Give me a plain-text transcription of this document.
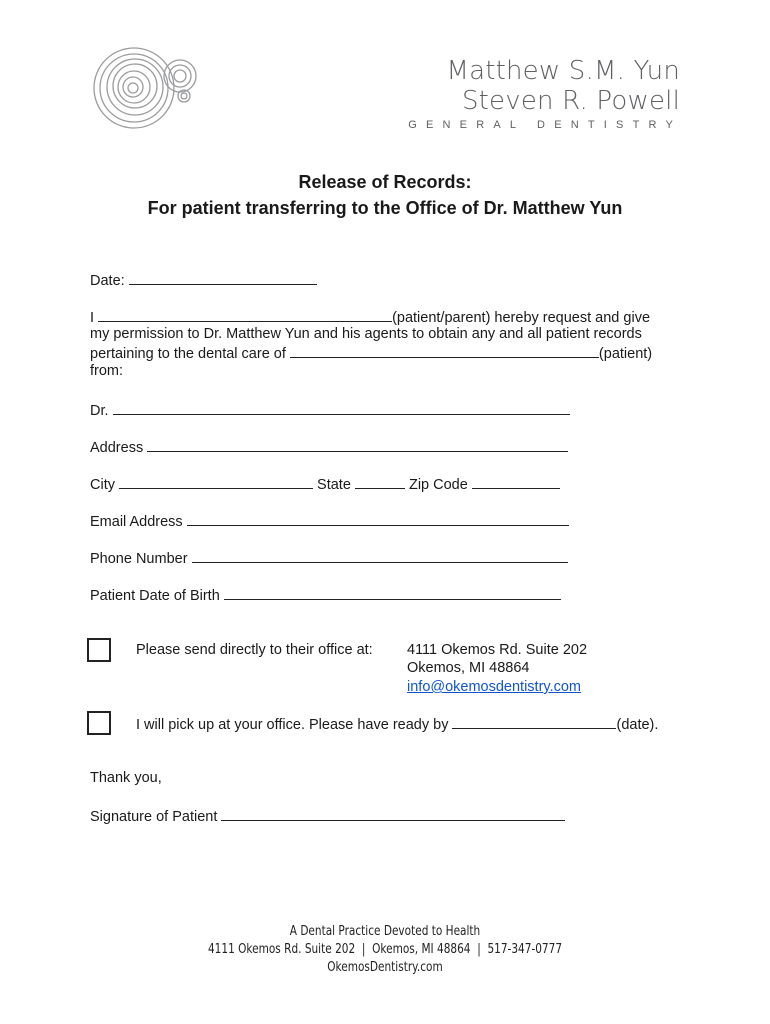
Matthew S.M. Yun
Steven R. Powell
GENERAL DENTISTRY
Release of Records:
For patient transferring to the Office of Dr. Matthew Yun
Date:
I	(patient/parent) hereby request and give
my permission to Dr. Matthew Yun and his agents to obtain any and all patient records
pertaining to the dental care of	(patient)
from:
Dr.
Address
City	State	Zip Code
Email Address
Phone Number
Patient Date of Birth
Please send directly to their office at: 4111 Okemos Rd. Suite 202
Okemos, MI 48864
info@okemosdentistry.com
I will pick up at your office. Please have ready by	(date).
Thank you,
Signature of Patient
A Dental Practice Devoted to Health
4111 Okemos Rd. Suite 202  |  Okemos, MI 48864  |  517-347-0777
OkemosDentistry.com
